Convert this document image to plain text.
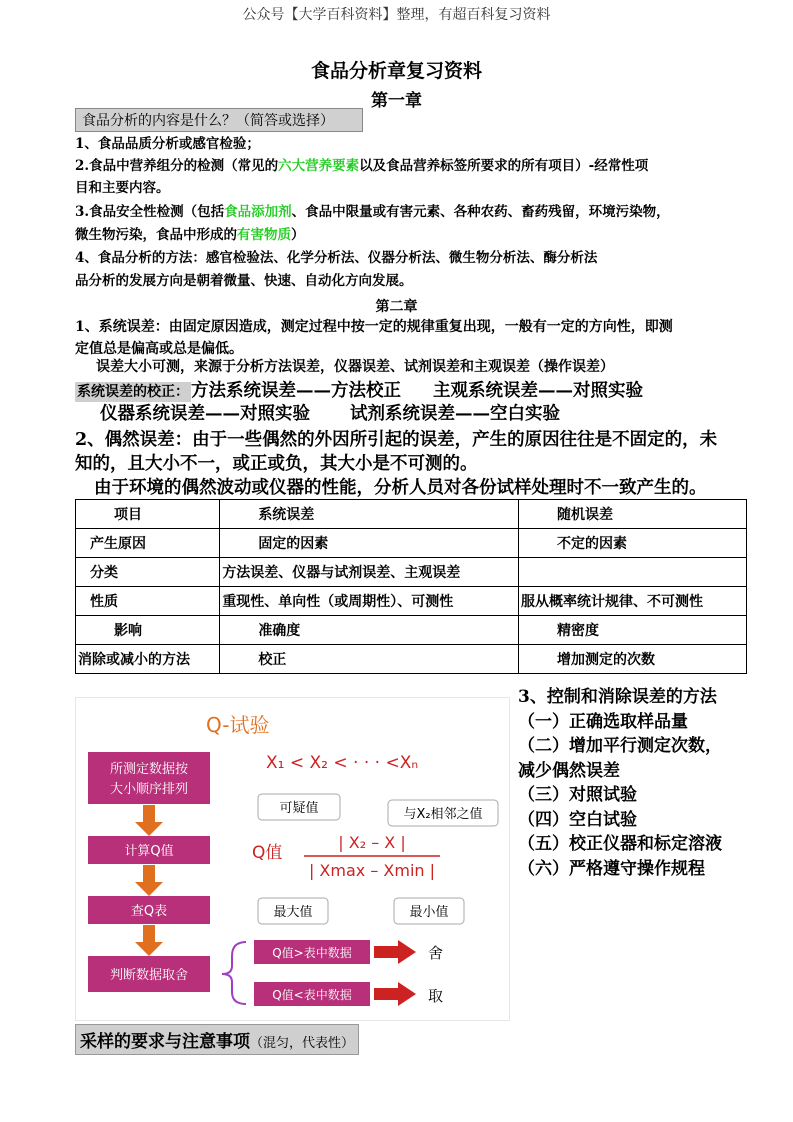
公众号【大学百科资料】整理，有超百科复习资料
食品分析章复习资料
第一章
食品分析的内容是什么？（简答或选择）
1、食品品质分析或感官检验；
2.食品中营养组分的检测（常见的六大营养要素以及食品营养标签所要求的所有项目）-经常性项
目和主要内容。
3.食品安全性检测（包括食品添加剂、食品中限量或有害元素、各种农药、畜药残留，环境污染物，
微生物污染，食品中形成的有害物质）
4、食品分析的方法：感官检验法、化学分析法、仪器分析法、微生物分析法、酶分析法
品分析的发展方向是朝着微量、快速、自动化方向发展。
第二章
1、系统误差：由固定原因造成，测定过程中按一定的规律重复出现，一般有一定的方向性，即测
定值总是偏高或总是偏低。
误差大小可测，来源于分析方法误差，仪器误差、试剂误差和主观误差（操作误差）
系统误差的校正： 方法系统误差——方法校正 主观系统误差——对照实验
仪器系统误差——对照实验 试剂系统误差——空白实验
2、偶然误差：由于一些偶然的外因所引起的误差，产生的原因往往是不固定的，未
知的，且大小不一，或正或负，其大小是不可测的。
由于环境的偶然波动或仪器的性能，分析人员对各份试样处理时不一致产生的。
项目	系统误差	随机误差
产生原因	固定的因素	不定的因素
分类	方法误差、仪器与试剂误差、主观误差	
性质	重现性、单向性（或周期性）、可测性	服从概率统计规律、不可测性
影响	准确度	精密度
消除或减小的方法	校正	增加测定的次数
Q-试验
所测定数据按
大小顺序排列
计算Q值
查Q表
判断数据取舍
X₁ < X₂ < · · · <Xₙ
可疑值	与X₂相邻之值
Q值
| X₂ – X |
| Xmax – Xmin |
最大值	最小值
Q值>表中数据	舍
Q值<表中数据	取
3、控制和消除误差的方法
（一）正确选取样品量
（二）增加平行测定次数，
减少偶然误差
（三）对照试验
（四）空白试验
（五）校正仪器和标定溶液
（六）严格遵守操作规程
采样的要求与注意事项（混匀，代表性）
